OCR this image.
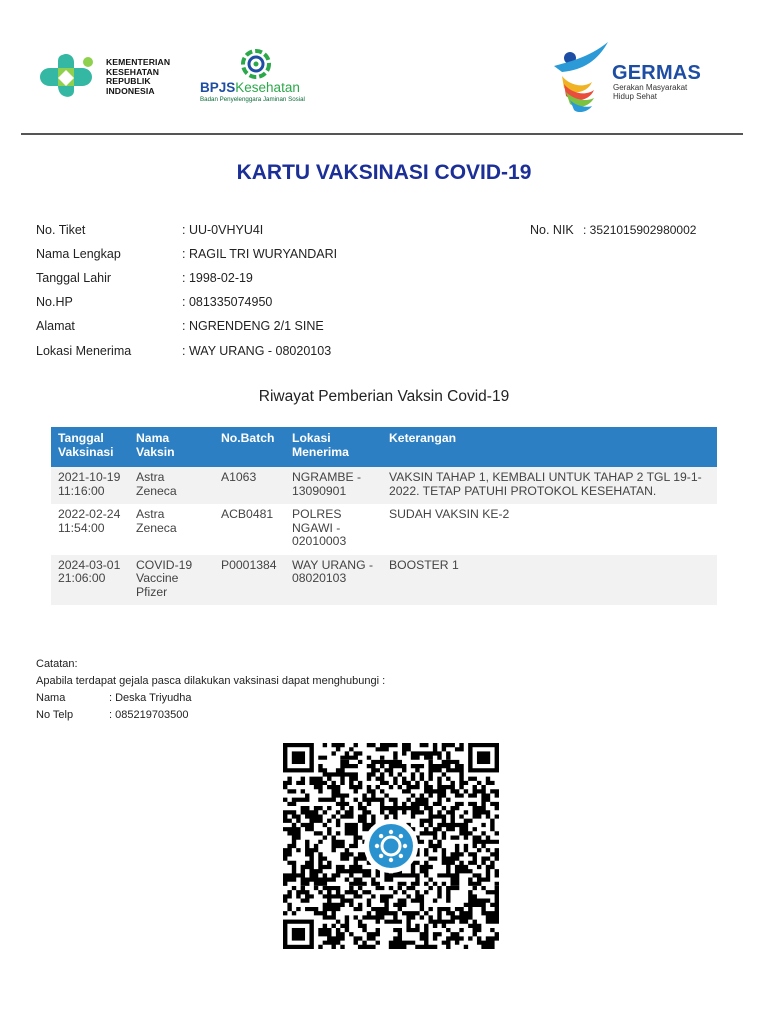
KEMENTERIAN
KESEHATAN
REPUBLIK
INDONESIA	BPJSKesehatan
Badan Penyelenggara Jaminan Sosial
GERMAS
Gerakan Masyarakat
Hidup Sehat
KARTU VAKSINASI COVID-19
No. Tiket	: UU-0VHYU4I
Nama Lengkap	: RAGIL TRI WURYANDARI
Tanggal Lahir	: 1998-02-19
No.HP	: 081335074950
Alamat	: NGRENDENG 2/1 SINE
Lokasi Menerima	: WAY URANG - 08020103
No. NIK : 3521015902980002
Riwayat Pemberian Vaksin Covid-19
Tanggal Vaksinasi	Nama Vaksin	No.Batch	Lokasi Menerima	Keterangan

2021-10-19
11:16:00	Astra Zeneca	A1063	NGRAMBE - 13090901	VAKSIN TAHAP 1, KEMBALI UNTUK TAHAP 2 TGL 19-1-2022. TETAP PATUHI PROTOKOL KESEHATAN.

2022-02-24
11:54:00	Astra Zeneca	ACB0481	POLRES NGAWI - 02010003	SUDAH VAKSIN KE-2

2024-03-01
21:06:00	COVID-19 Vaccine Pfizer	P0001384	WAY URANG - 08020103	BOOSTER 1
Catatan:
Apabila terdapat gejala pasca dilakukan vaksinasi dapat menghubungi :
Nama	: Deska Triyudha
No Telp	: 085219703500
